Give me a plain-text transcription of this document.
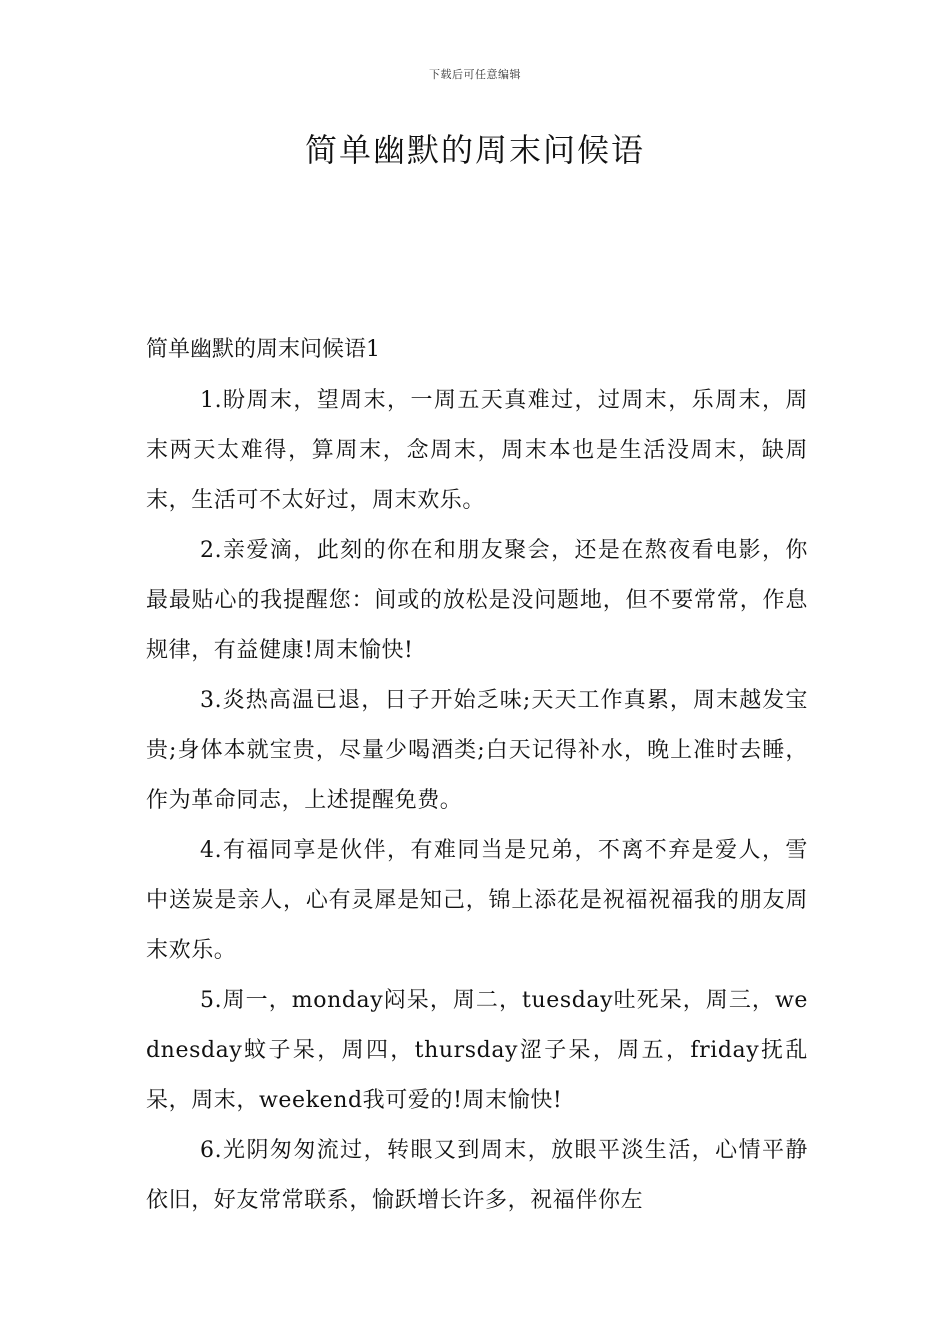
下载后可任意编辑
简单幽默的周末问候语
简单幽默的周末问候语1

1.盼周末，望周末，一周五天真难过，过周末，乐周末，周末两天太难得，算周末，念周末，周末本也是生活没周末，缺周末，生活可不太好过，周末欢乐。

2.亲爱滴，此刻的你在和朋友聚会，还是在熬夜看电影，你最最贴心的我提醒您：间或的放松是没问题地，但不要常常，作息规律，有益健康!周末愉快!

3.炎热高温已退，日子开始乏味;天天工作真累，周末越发宝贵;身体本就宝贵，尽量少喝酒类;白天记得补水，晚上准时去睡，作为革命同志，上述提醒免费。

4.有福同享是伙伴，有难同当是兄弟，不离不弃是爱人，雪中送炭是亲人，心有灵犀是知己，锦上添花是祝福祝福我的朋友周末欢乐。

5.周一，monday闷呆，周二，tuesday吐死呆，周三，wednesday蚊子呆，周四，thursday涩子呆，周五，friday抚乱呆，周末，weekend我可爱的!周末愉快!

6.光阴匆匆流过，转眼又到周末，放眼平淡生活，心情平静依旧，好友常常联系，愉跃增长许多，祝福伴你左
